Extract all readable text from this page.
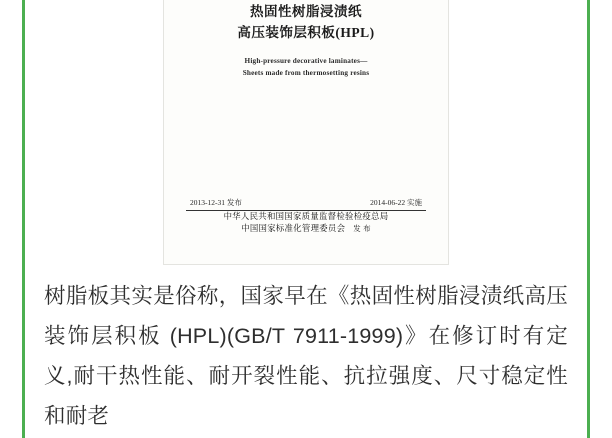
热固性树脂浸渍纸
高压装饰层积板(HPL)
High-pressure decorative laminates—
Sheets made from thermosetting resins
2013-12-31 发布	2014-06-22 实施
中华人民共和国国家质量监督检验检疫总局
中国国家标准化管理委员会 发 布
树脂板其实是俗称，国家早在《热固性树脂浸渍纸高压装饰层积板 (HPL)(GB/T 7911-1999)》在修订时有定义,耐干热性能、耐开裂性能、抗拉强度、尺寸稳定性和耐老
